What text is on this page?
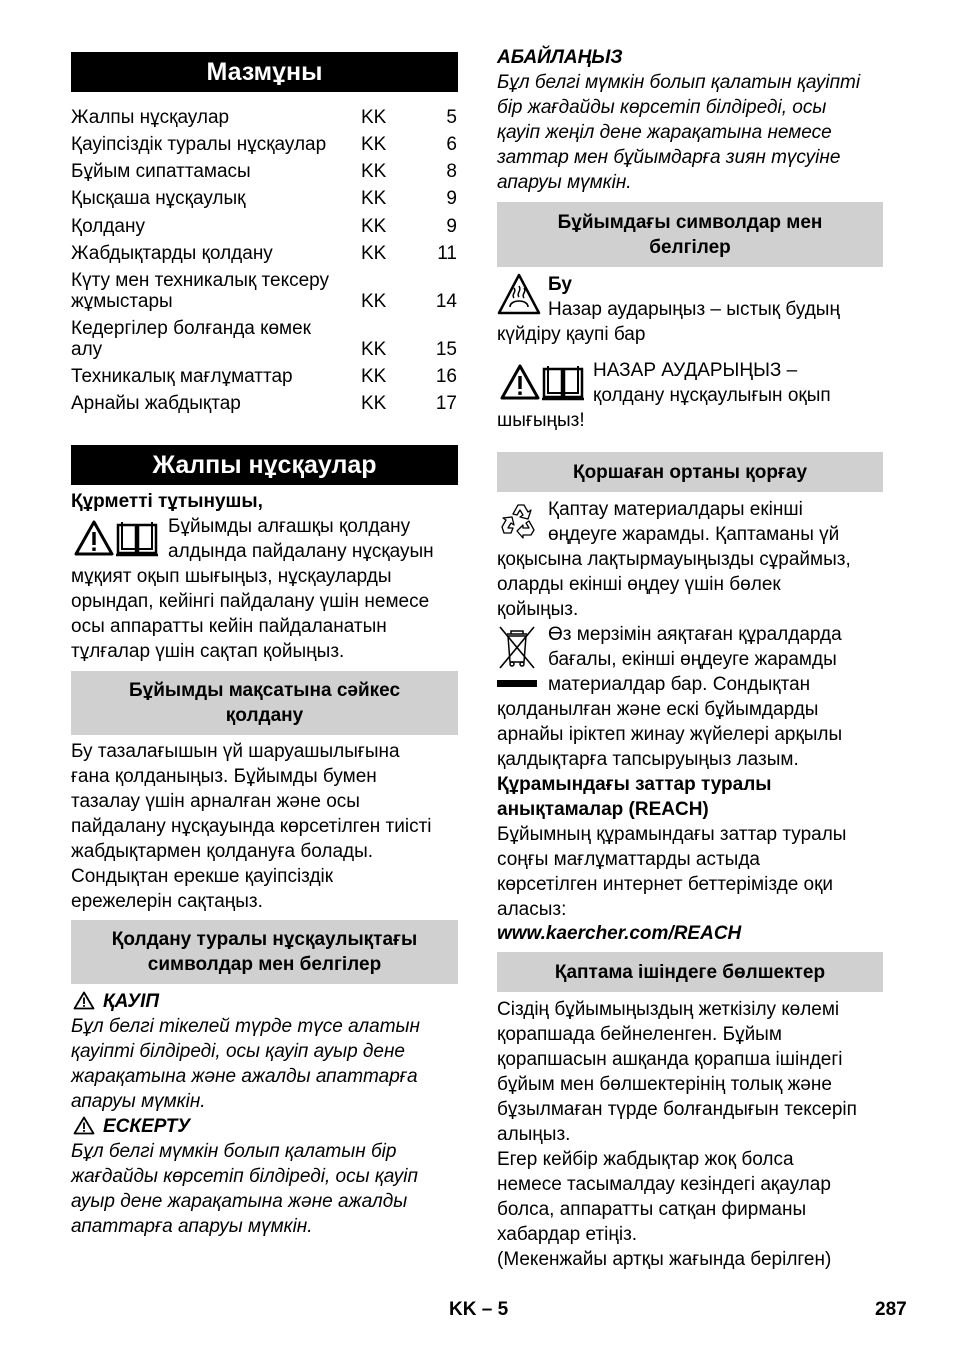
Мазмұны
Жалпы нұсқаулар	KK	5
Қауіпсіздік туралы нұсқаулар	KK	6
Бұйым сипаттамасы	KK	8
Қысқаша нұсқаулық	KK	9
Қолдану	KK	9
Жабдықтарды қолдану	KK	11
Күту мен техникалық тексеру
жұмыстары	KK	14
Кедергілер болғанда көмек
алу	KK	15
Техникалық мағлұматтар	KK	16
Арнайы жабдықтар	KK	17
Жалпы нұсқаулар
Құрметті тұтынушы,
Бұйымды алғашқы қолдану
алдында пайдалану нұсқауын
мұқият оқып шығыңыз, нұсқауларды
орындап, кейінгі пайдалану үшін немесе
осы аппаратты кейін пайдаланатын
тұлғалар үшін сақтап қойыңыз.
Бұйымды мақсатына сәйкес
қолдану
Бу тазалағышын үй шаруашылығына
ғана қолданыңыз. Бұйымды бумен
тазалау үшін арналған және осы
пайдалану нұсқауында көрсетілген тиісті
жабдықтармен қолдануға болады.
Сондықтан ерекше қауіпсіздік
ережелерін сақтаңыз.
Қолдану туралы нұсқаулықтағы
символдар мен белгілер
ҚАУІП
Бұл белгі тікелей түрде түсе алатын
қауіпті білдіреді, осы қауіп ауыр дене
жарақатына және ажалды апаттарға
апаруы мүмкін.
ЕСКЕРТУ
Бұл белгі мүмкін болып қалатын бір
жағдайды көрсетіп білдіреді, осы қауіп
ауыр дене жарақатына және ажалды
апаттарға апаруы мүмкін.
АБАЙЛАҢЫЗ
Бұл белгі мүмкін болып қалатын қауіпті
бір жағдайды көрсетіп білдіреді, осы
қауіп жеңіл дене жарақатына немесе
заттар мен бұйымдарға зиян түсуіне
апаруы мүмкін.
Бұйымдағы символдар мен
белгілер
Бу
Назар аударыңыз – ыстық будың
күйдіру қаупі бар
НАЗАР АУДАРЫҢЫЗ –
қолдану нұсқаулығын оқып
шығыңыз!
Қоршаған ортаны қорғау
Қаптау материалдары екінші
өңдеуге жарамды. Қаптаманы үй
қоқысына лақтырмауыңызды сұраймыз,
оларды екінші өңдеу үшін бөлек
қойыңыз.
Өз мерзімін аяқтаған құралдарда
бағалы, екінші өңдеуге жарамды
материалдар бар. Сондықтан
қолданылған және ескі бұйымдарды
арнайы іріктеп жинау жүйелері арқылы
қалдықтарға тапсыруыңыз лазым.
Құрамындағы заттар туралы
анықтамалар (REACH)
Бұйымның құрамындағы заттар туралы
соңғы мағлұматтарды астыда
көрсетілген интернет беттерімізде оқи
аласыз:
www.kaercher.com/REACH
Қаптама ішіндеге бөлшектер
Сіздің бұйымыңыздың жеткізілу көлемі
қорапшада бейнеленген. Бұйым
қорапшасын ашқанда қорапша ішіндегі
бұйым мен бөлшектерінің толық және
бұзылмаған түрде болғандығын тексеріп
алыңыз.
Егер кейбір жабдықтар жоқ болса
немесе тасымалдау кезіндегі ақаулар
болса, аппаратты сатқан фирманы
хабардар етіңіз.
(Мекенжайы артқы жағында берілген)
KK – 5	287
